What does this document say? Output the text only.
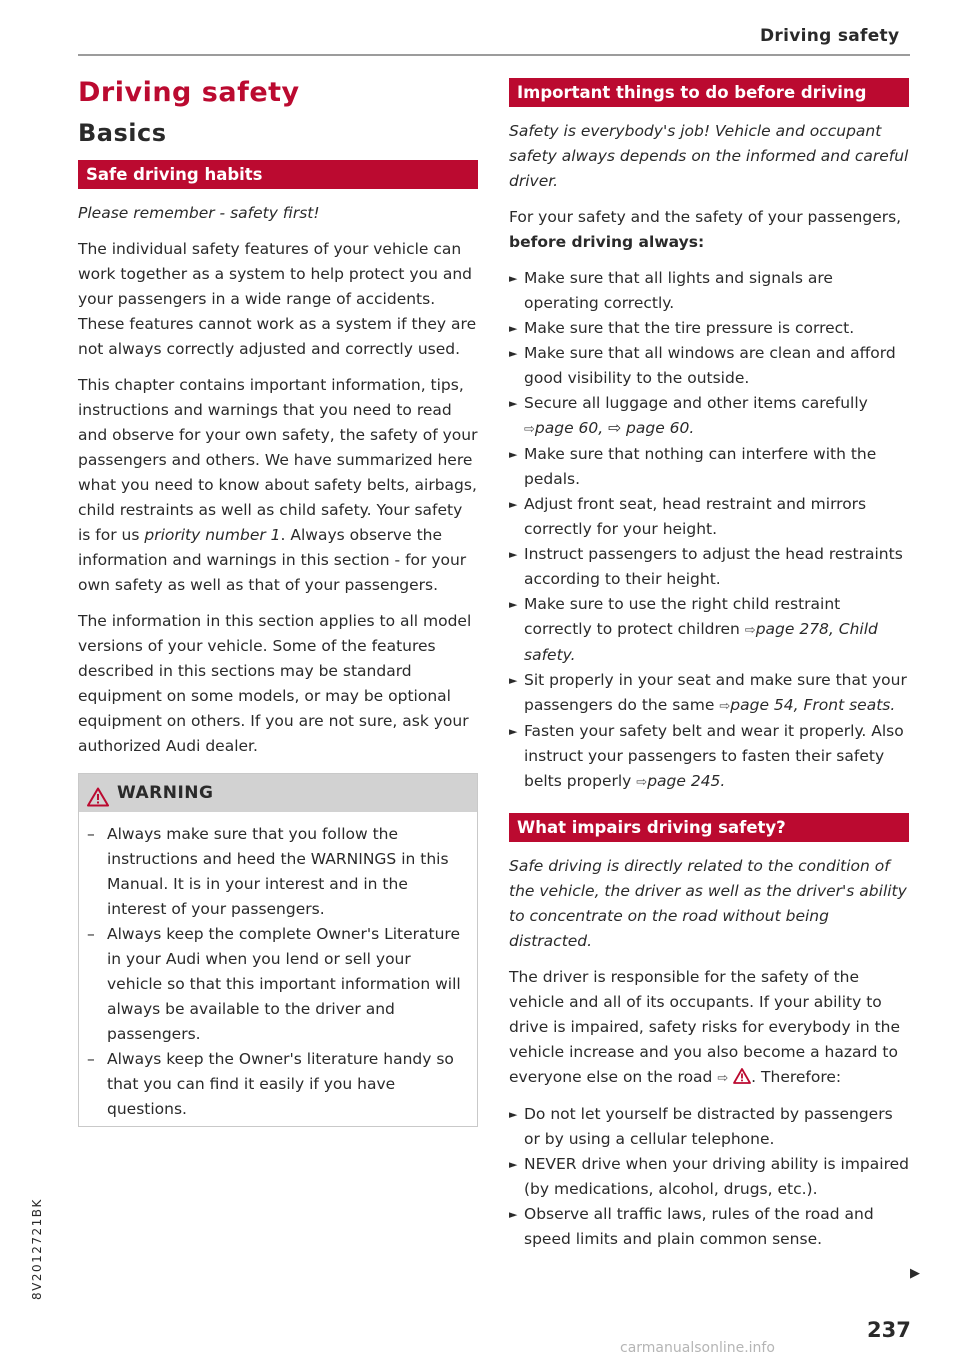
Driving safety
Driving safety
Basics
Safe driving habits

Please remember - safety first!

The individual safety features of your vehicle can work together as a system to help protect you and your passengers in a wide range of accidents. These features cannot work as a system if they are not always correctly adjusted and correctly used.

This chapter contains important information, tips, instructions and warnings that you need to read and observe for your own safety, the safety of your passengers and others. We have summarized here what you need to know about safety belts, airbags, child restraints as well as child safety. Your safety is for us priority number 1. Always observe the information and warnings in this section - for your own safety as well as that of your passengers.

The information in this section applies to all model versions of your vehicle. Some of the features described in this sections may be standard equipment on some models, or may be optional equipment on others. If you are not sure, ask your authorized Audi dealer.

WARNING
– Always make sure that you follow the instructions and heed the WARNINGS in this Manual. It is in your interest and in the interest of your passengers.
– Always keep the complete Owner's Literature in your Audi when you lend or sell your vehicle so that this important information will always be available to the driver and passengers.
– Always keep the Owner's literature handy so that you can find it easily if you have questions.
Important things to do before driving

Safety is everybody's job! Vehicle and occupant safety always depends on the informed and careful driver.

For your safety and the safety of your passengers, before driving always:

► Make sure that all lights and signals are operating correctly.
► Make sure that the tire pressure is correct.
► Make sure that all windows are clean and afford good visibility to the outside.
► Secure all luggage and other items carefully ⇨page 60, ⇨ page 60.
► Make sure that nothing can interfere with the pedals.
► Adjust front seat, head restraint and mirrors correctly for your height.
► Instruct passengers to adjust the head restraints according to their height.
► Make sure to use the right child restraint correctly to protect children ⇨page 278, Child safety.
► Sit properly in your seat and make sure that your passengers do the same ⇨page 54, Front seats.
► Fasten your safety belt and wear it properly. Also instruct your passengers to fasten their safety belts properly ⇨page 245.
What impairs driving safety?

Safe driving is directly related to the condition of the vehicle, the driver as well as the driver's ability to concentrate on the road without being distracted.

The driver is responsible for the safety of the vehicle and all of its occupants. If your ability to drive is impaired, safety risks for everybody in the vehicle increase and you also become a hazard to everyone else on the road ⇨ . Therefore:

► Do not let yourself be distracted by passengers or by using a cellular telephone.
► NEVER drive when your driving ability is impaired (by medications, alcohol, drugs, etc.).
► Observe all traffic laws, rules of the road and speed limits and plain common sense.
▶
237
8V2012721BK
carmanualsonline.info
